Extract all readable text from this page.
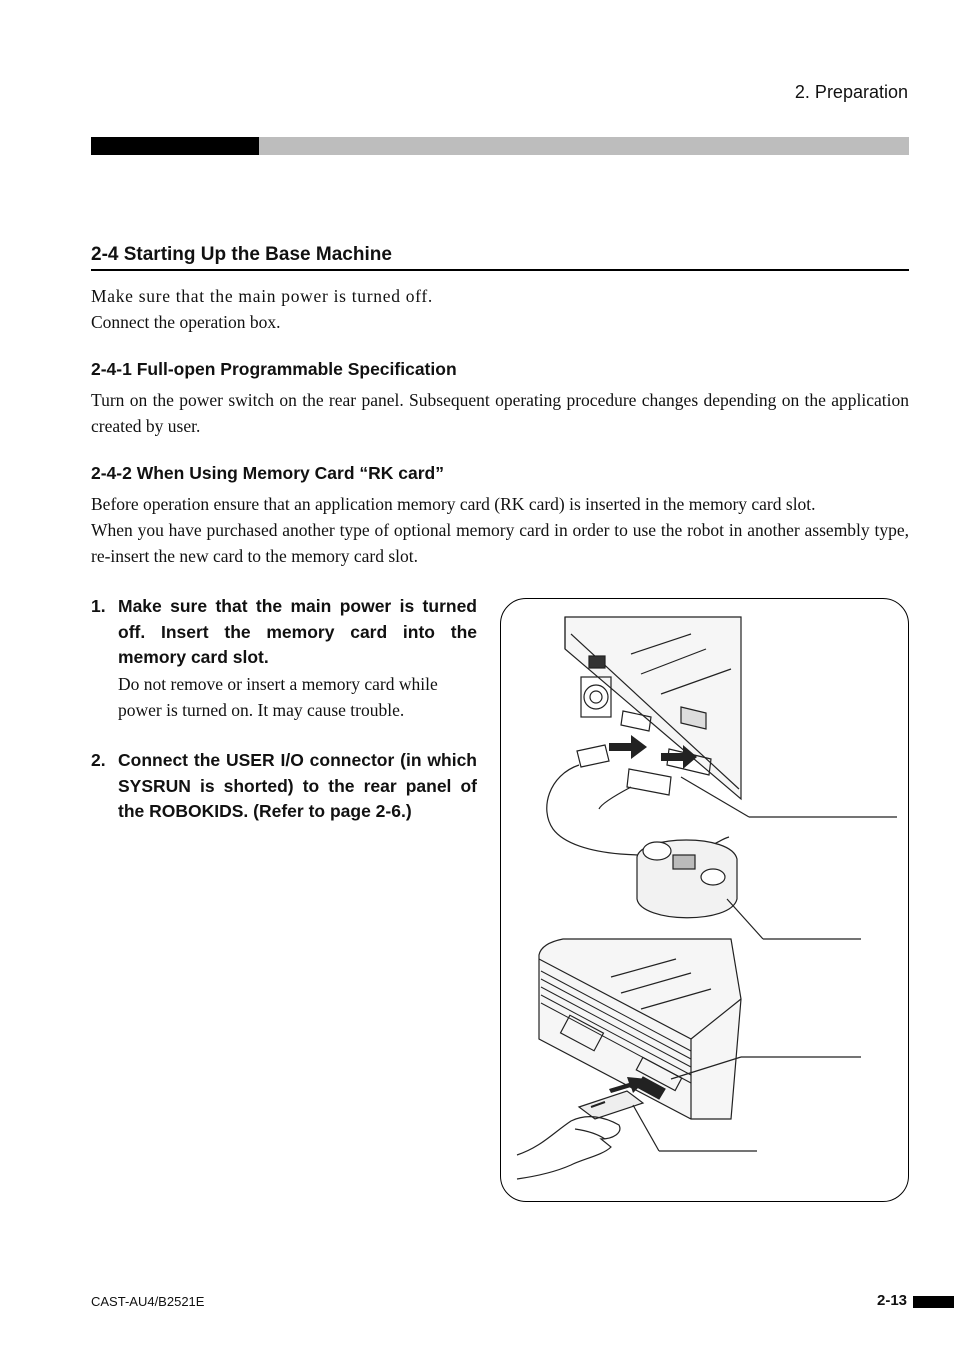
2. Preparation
2-4 Starting Up the Base Machine
Make sure that the main power is turned off.
Connect the operation box.
2-4-1 Full-open Programmable Specification
Turn on the power switch on the rear panel. Subsequent operating procedure changes depending on the application created by user.
2-4-2 When Using Memory Card “RK card”
Before operation ensure that an application memory card (RK card) is inserted in the memory card slot.
When you have purchased another type of optional memory card in order to use the robot in another assembly type, re-insert the new card to the memory card slot.
1. Make sure that the main power is turned off. Insert the memory card into the memory card slot.
Do not remove or insert a memory card while power is turned on. It may cause trouble.
2. Connect the USER I/O connector (in which SYSRUN is shorted) to the rear panel of the ROBOKIDS. (Refer to page 2-6.)
CAST-AU4/B2521E	2-13
